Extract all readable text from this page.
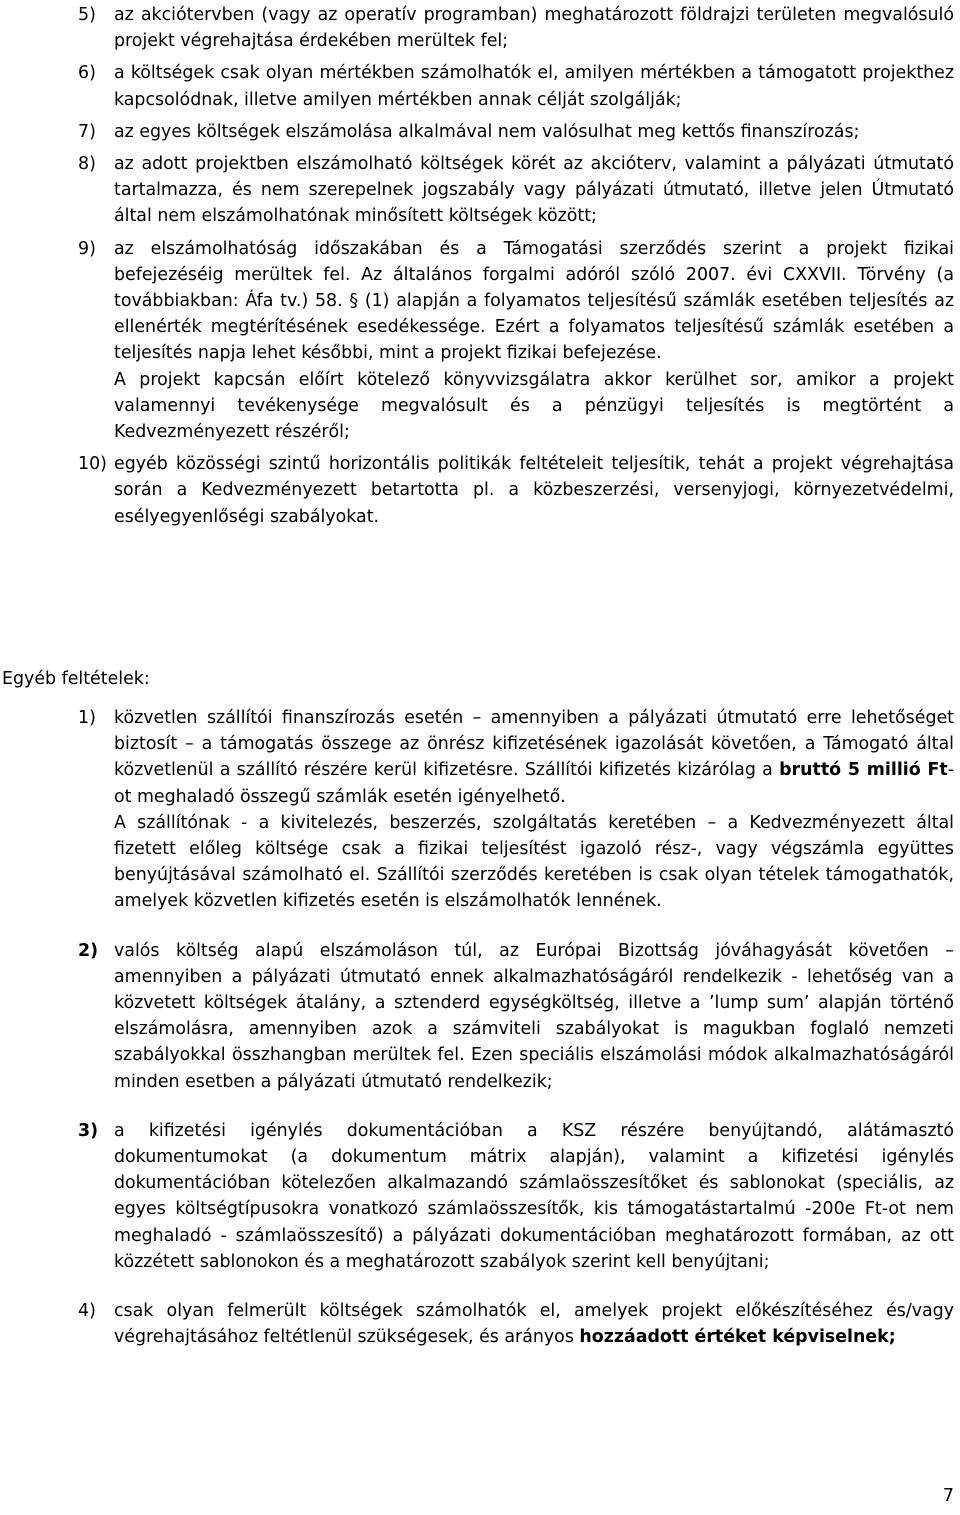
5) az akciótervben (vagy az operatív programban) meghatározott földrajzi területen megvalósuló projekt végrehajtása érdekében merültek fel;

6) a költségek csak olyan mértékben számolhatók el, amilyen mértékben a támogatott projekthez kapcsolódnak, illetve amilyen mértékben annak célját szolgálják;

7) az egyes költségek elszámolása alkalmával nem valósulhat meg kettős finanszírozás;

8) az adott projektben elszámolható költségek körét az akcióterv, valamint a pályázati útmutató tartalmazza, és nem szerepelnek jogszabály vagy pályázati útmutató, illetve jelen Útmutató által nem elszámolhatónak minősített költségek között;

9) az elszámolhatóság időszakában és a Támogatási szerződés szerint a projekt fizikai befejezéséig merültek fel. Az általános forgalmi adóról szóló 2007. évi CXXVII. Törvény (a továbbiakban: Áfa tv.) 58. § (1) alapján a folyamatos teljesítésű számlák esetében teljesítés az ellenérték megtérítésének esedékessége. Ezért a folyamatos teljesítésű számlák esetében a teljesítés napja lehet későbbi, mint a projekt fizikai befejezése.

A projekt kapcsán előírt kötelező könyvvizsgálatra akkor kerülhet sor, amikor a projekt valamennyi tevékenysége megvalósult és a pénzügyi teljesítés is megtörtént a Kedvezményezett részéről;

10) egyéb közösségi szintű horizontális politikák feltételeit teljesítik, tehát a projekt végrehajtása során a Kedvezményezett betartotta pl. a közbeszerzési, versenyjogi, környezetvédelmi, esélyegyenlőségi szabályokat.

Egyéb feltételek:
1) közvetlen szállítói finanszírozás esetén – amennyiben a pályázati útmutató erre lehetőséget biztosít – a támogatás összege az önrész kifizetésének igazolását követően, a Támogató által közvetlenül a szállító részére kerül kifizetésre. Szállítói kifizetés kizárólag a bruttó 5 millió Ft-ot meghaladó összegű számlák esetén igényelhető.

A szállítónak - a kivitelezés, beszerzés, szolgáltatás keretében – a Kedvezményezett által fizetett előleg költsége csak a fizikai teljesítést igazoló rész-, vagy végszámla együttes benyújtásával számolható el. Szállítói szerződés keretében is csak olyan tételek támogathatók, amelyek közvetlen kifizetés esetén is elszámolhatók lennének.

2) valós költség alapú elszámoláson túl, az Európai Bizottság jóváhagyását követően – amennyiben a pályázati útmutató ennek alkalmazhatóságáról rendelkezik - lehetőség van a közvetett költségek átalány, a sztenderd egységköltség, illetve a ’lump sum’ alapján történő elszámolásra, amennyiben azok a számviteli szabályokat is magukban foglaló nemzeti szabályokkal összhangban merültek fel. Ezen speciális elszámolási módok alkalmazhatóságáról minden esetben a pályázati útmutató rendelkezik;

3) a kifizetési igénylés dokumentációban a KSZ részére benyújtandó, alátámasztó dokumentumokat (a dokumentum mátrix alapján), valamint a kifizetési igénylés dokumentációban kötelezően alkalmazandó számlaösszesítőket és sablonokat (speciális, az egyes költségtípusokra vonatkozó számlaösszesítők, kis támogatástartalmú -200e Ft-ot nem meghaladó - számlaösszesítő) a pályázati dokumentációban meghatározott formában, az ott közzétett sablonokon és a meghatározott szabályok szerint kell benyújtani;

4) csak olyan felmerült költségek számolhatók el, amelyek projekt előkészítéséhez és/vagy végrehajtásához feltétlenül szükségesek, és arányos hozzáadott értéket képviselnek;

7
